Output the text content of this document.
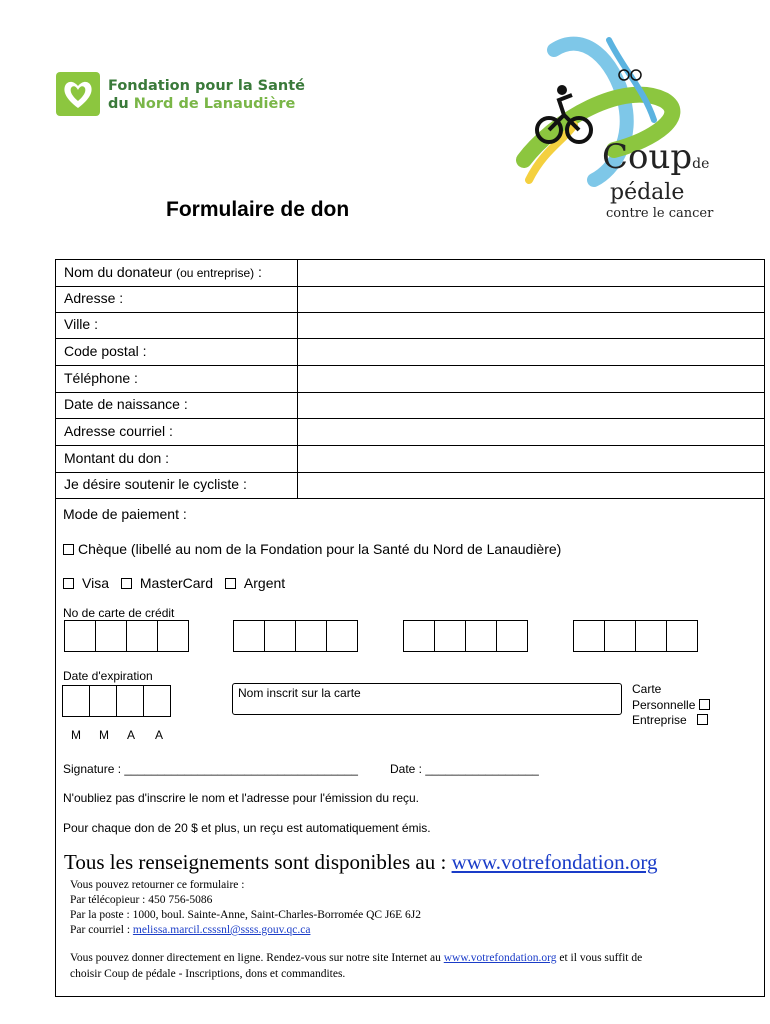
Fondation pour la Santé
du Nord de Lanaudière
Coupde
pédale
contre le cancer
Formulaire de don
Nom du donateur (ou entreprise) :
Adresse :
Ville :
Code postal :
Téléphone :
Date de naissance :
Adresse courriel :
Montant du don :
Je désire soutenir le cycliste :
Mode de paiement :
Chèque (libellé au nom de la Fondation pour la Santé du Nord de Lanaudière)
Visa MasterCard Argent
No de carte de crédit
Date d'expiration
Nom inscrit sur la carte	Carte
Personnelle
Entreprise
M M A A
Signature : ___________________________________	Date : _________________
N'oubliez pas d'inscrire le nom et l'adresse pour l'émission du reçu.
Pour chaque don de 20 $ et plus, un reçu est automatiquement émis.
Tous les renseignements sont disponibles au : www.votrefondation.org
Vous pouvez retourner ce formulaire :
Par télécopieur : 450 756-5086
Par la poste : 1000, boul. Sainte-Anne, Saint-Charles-Borromée QC J6E 6J2
Par courriel : melissa.marcil.csssnl@ssss.gouv.qc.ca
Vous pouvez donner directement en ligne. Rendez-vous sur notre site Internet au www.votrefondation.org et il vous suffit de
choisir Coup de pédale - Inscriptions, dons et commandites.
